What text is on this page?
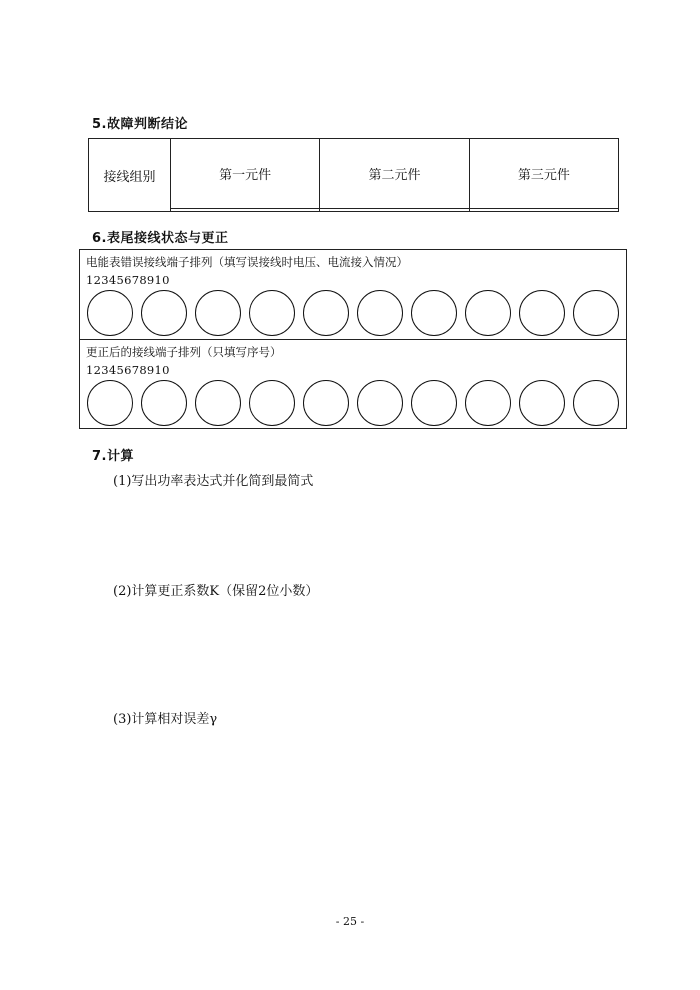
5.故障判断结论
接线组别	第一元件	第二元件	第三元件

6.表尾接线状态与更正
电能表错误接线端子排列（填写误接线时电压、电流接入情况）
12345678910
更正后的接线端子排列（只填写序号）
12345678910
7.计算
(1)写出功率表达式并化简到最简式
(2)计算更正系数K（保留2位小数）
(3)计算相对误差γ
- 25 -
